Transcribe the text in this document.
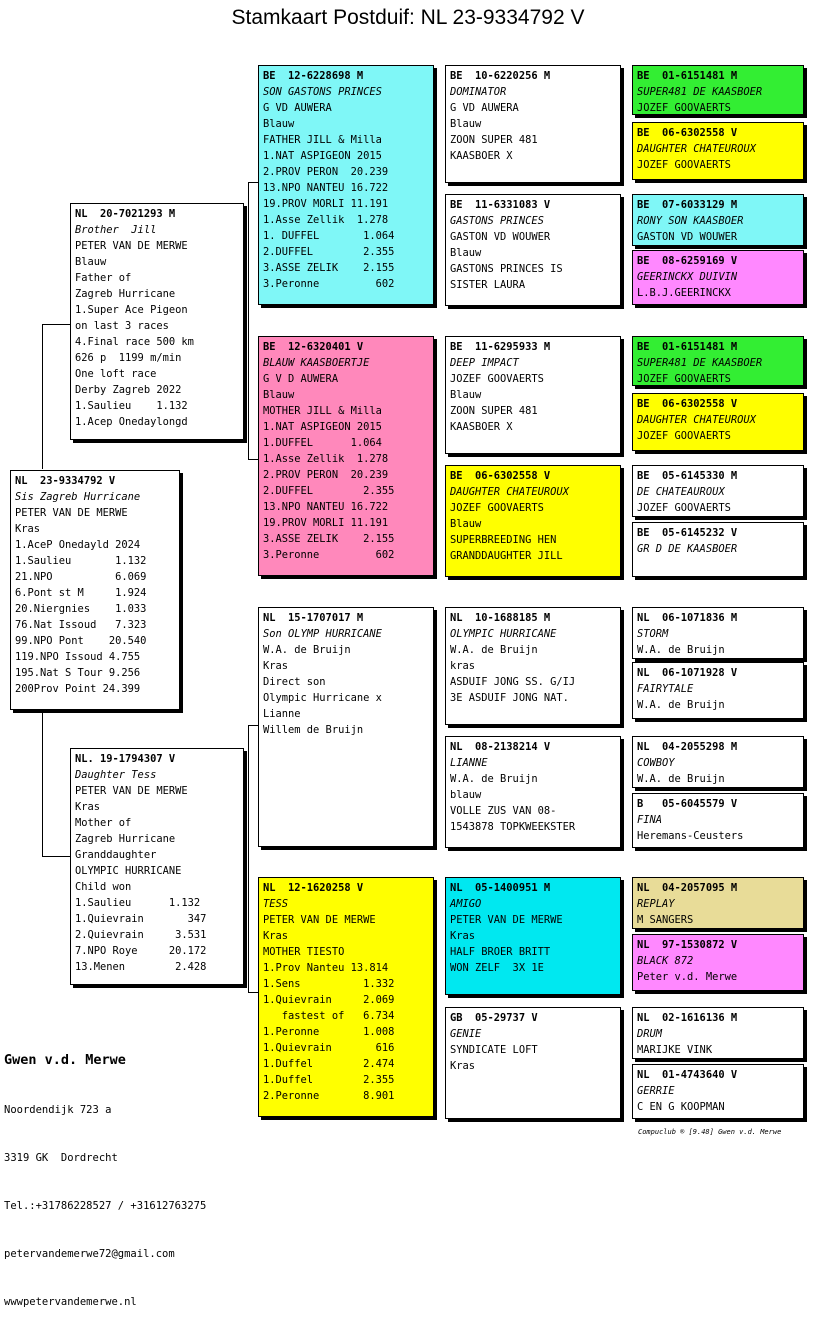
Stamkaart Postduif: NL 23-9334792 V
NL  23-9334792 V
Sis Zagreb Hurricane
PETER VAN DE MERWE
Kras
1.AceP Onedayld 2024
1.Saulieu       1.132
21.NPO          6.069
6.Pont st M     1.924
20.Niergnies    1.033
76.Nat Issoud   7.323
99.NPO Pont    20.540
119.NPO Issoud 4.755
195.Nat S Tour 9.256
200Prov Point 24.399
NL  20-7021293 M
Brother  Jill
PETER VAN DE MERWE
Blauw
Father of
Zagreb Hurricane
1.Super Ace Pigeon
on last 3 races
4.Final race 500 km
626 p  1199 m/min
One loft race
Derby Zagreb 2022
1.Saulieu    1.132
1.Acep Onedaylongd
NL. 19-1794307 V
Daughter Tess
PETER VAN DE MERWE
Kras
Mother of
Zagreb Hurricane
Granddaughter
OLYMPIC HURRICANE
Child won
1.Saulieu      1.132
1.Quievrain       347
2.Quievrain     3.531
7.NPO Roye     20.172
13.Menen        2.428
BE  12-6228698 M
SON GASTONS PRINCES
G VD AUWERA
Blauw
FATHER JILL & Milla
1.NAT ASPIGEON 2015
2.PROV PERON  20.239
13.NPO NANTEU 16.722
19.PROV MORLI 11.191
1.Asse Zellik  1.278
1. DUFFEL       1.064
2.DUFFEL        2.355
3.ASSE ZELIK    2.155
3.Peronne         602
BE  12-6320401 V
BLAUW KAASBOERTJE
G V D AUWERA
Blauw
MOTHER JILL & Milla
1.NAT ASPIGEON 2015
1.DUFFEL      1.064
1.Asse Zellik  1.278
2.PROV PERON  20.239
2.DUFFEL        2.355
13.NPO NANTEU 16.722
19.PROV MORLI 11.191
3.ASSE ZELIK    2.155
3.Peronne         602
NL  15-1707017 M
Son OLYMP HURRICANE
W.A. de Bruijn
Kras
Direct son
Olympic Hurricane x
Lianne
Willem de Bruijn
NL  12-1620258 V
TESS
PETER VAN DE MERWE
Kras
MOTHER TIESTO
1.Prov Nanteu 13.814
1.Sens          1.332
1.Quievrain     2.069
fastest of   6.734
1.Peronne       1.008
1.Quievrain       616
1.Duffel        2.474
1.Duffel        2.355
2.Peronne       8.901
BE  10-6220256 M
DOMINATOR
G VD AUWERA
Blauw
ZOON SUPER 481
KAASBOER X
BE  11-6331083 V
GASTONS PRINCES
GASTON VD WOUWER
Blauw
GASTONS PRINCES IS
SISTER LAURA
BE  11-6295933 M
DEEP IMPACT
JOZEF GOOVAERTS
Blauw
ZOON SUPER 481
KAASBOER X
BE  06-6302558 V
DAUGHTER CHATEUROUX
JOZEF GOOVAERTS
Blauw
SUPERBREEDING HEN
GRANDDAUGHTER JILL
NL  10-1688185 M
OLYMPIC HURRICANE
W.A. de Bruijn
kras
ASDUIF JONG SS. G/IJ
3E ASDUIF JONG NAT.
NL  08-2138214 V
LIANNE
W.A. de Bruijn
blauw
VOLLE ZUS VAN 08-
1543878 TOPKWEEKSTER
NL  05-1400951 M
AMIGO
PETER VAN DE MERWE
Kras
HALF BROER BRITT
WON ZELF  3X 1E
GB  05-29737 V
GENIE
SYNDICATE LOFT
Kras
BE  01-6151481 M
SUPER481 DE KAASBOER
JOZEF GOOVAERTS
BE  06-6302558 V
DAUGHTER CHATEUROUX
JOZEF GOOVAERTS
BE  07-6033129 M
RONY SON KAASBOER
GASTON VD WOUWER
BE  08-6259169 V
GEERINCKX DUIVIN
L.B.J.GEERINCKX
BE  01-6151481 M
SUPER481 DE KAASBOER
JOZEF GOOVAERTS
BE  06-6302558 V
DAUGHTER CHATEUROUX
JOZEF GOOVAERTS
BE  05-6145330 M
DE CHATEAUROUX
JOZEF GOOVAERTS
BE  05-6145232 V
GR D DE KAASBOER
NL  06-1071836 M
STORM
W.A. de Bruijn
NL  06-1071928 V
FAIRYTALE
W.A. de Bruijn
NL  04-2055298 M
COWBOY
W.A. de Bruijn
B   05-6045579 V
FINA
Heremans-Ceusters
NL  04-2057095 M
REPLAY
M SANGERS
NL  97-1530872 V
BLACK 872
Peter v.d. Merwe
NL  02-1616136 M
DRUM
MARIJKE VINK
NL  01-4743640 V
GERRIE
C EN G KOOPMAN

Gwen v.d. Merwe

Noordendijk 723 a

3319 GK  Dordrecht

Tel.:+31786228527 / +31612763275

petervandemerwe72@gmail.com

wwwpetervandemerwe.nl

Compuclub ® [9.48] Gwen v.d. Merwe
